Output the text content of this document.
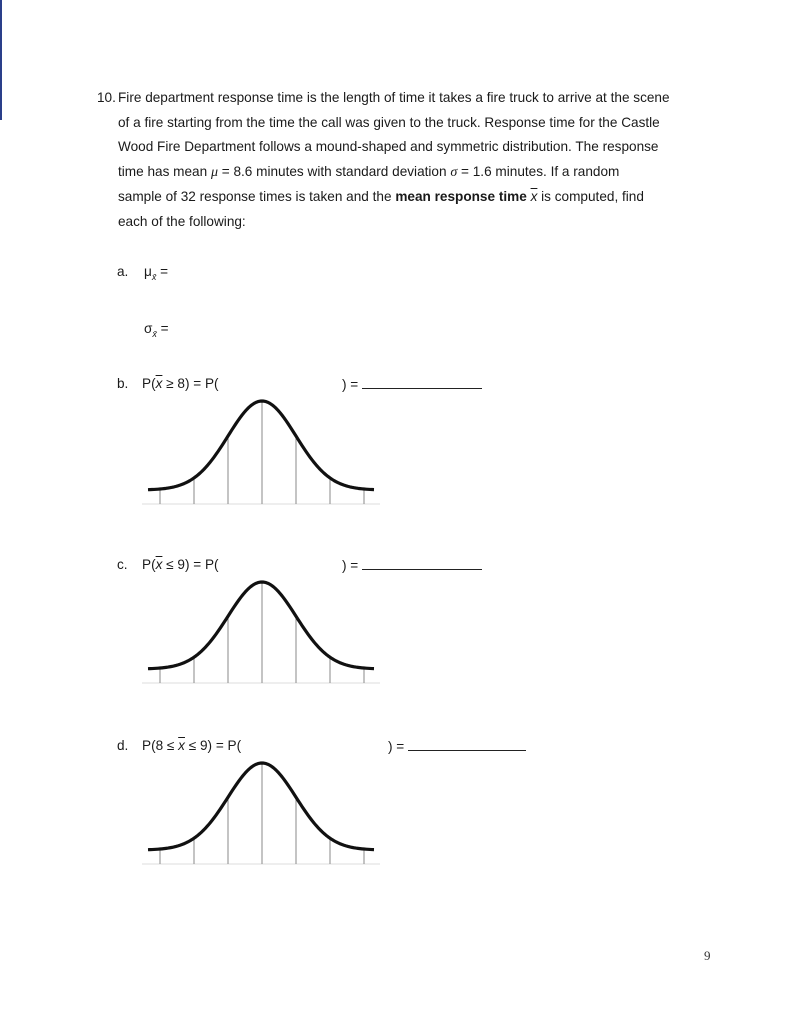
10. Fire department response time is the length of time it takes a fire truck to arrive at the scene
of a fire starting from the time the call was given to the truck. Response time for the Castle
Wood Fire Department follows a mound-shaped and symmetric distribution. The response
time has mean μ = 8.6 minutes with standard deviation σ = 1.6 minutes. If a random
sample of 32 response times is taken and the mean response time $\overline{x}$ is computed, find
each of the following:
a. $\mu_{x̄}$ =
$\sigma_{x̄}$ =
b. $P(\overline{x} \ge 8) = P$(	) =
c. $P(\overline{x} \le 9) = P$(	) =
d. $P(8 \le \overline{x} \le 9) = P$(	) =
9
